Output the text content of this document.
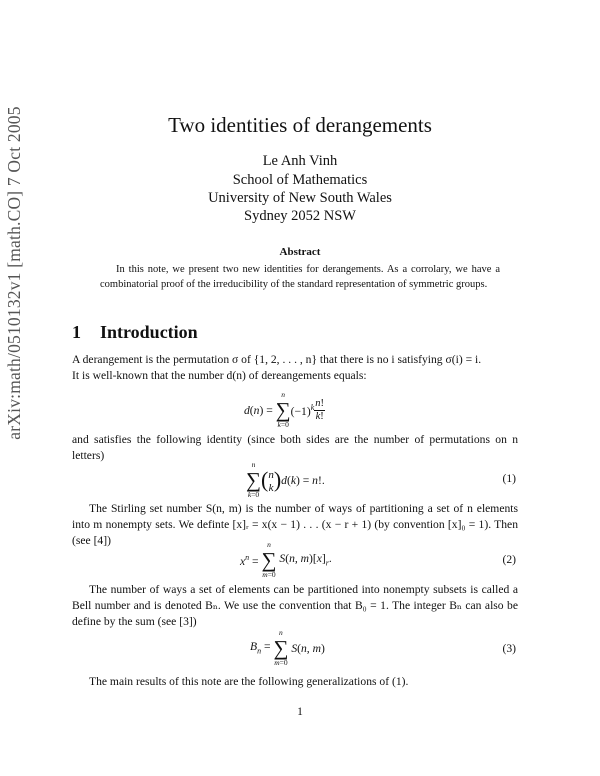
arXiv:math/0510132v1 [math.CO] 7 Oct 2005	Two identities of derangements
Le Anh Vinh
School of Mathematics
University of New South Wales
Sydney 2052 NSW
Abstract
In this note, we present two new identities for derangements. As a corrolary, we have a combinatorial proof of the irreducibility of the standard representation of symmetric groups.
1 Introduction
A derangement is the permutation σ of {1, 2, . . . , n} that there is no i satisfying σ(i) = i.
It is well-known that the number d(n) of dereangements equals:
d(n) =
n
∑
k=0
$(-1)^k \frac{n!}{k!}$
and satisfies the following identity (since both sides are the number of permutations on n letters)
n
∑
k=0
( n
k ) d(k) = n!.	(1)
The Stirling set number S(n, m) is the number of ways of partitioning a set of n elements into m nonempty sets. We definte [x]ᵣ = x(x − 1) . . . (x − r + 1) (by convention [x]₀ = 1). Then (see [4])
$x^n$ =
n
∑
m=0
S(n, $m)[x]_r$.	(2)
The number of ways a set of elements can be partitioned into nonempty subsets is called a Bell number and is denoted Bₙ. We use the convention that B₀ = 1. The integer Bₙ can also be define by the sum (see [3])
$B_n$ =
n
∑
m=0
S(n, m)	(3)
The main results of this note are the following generalizations of (1).
1
